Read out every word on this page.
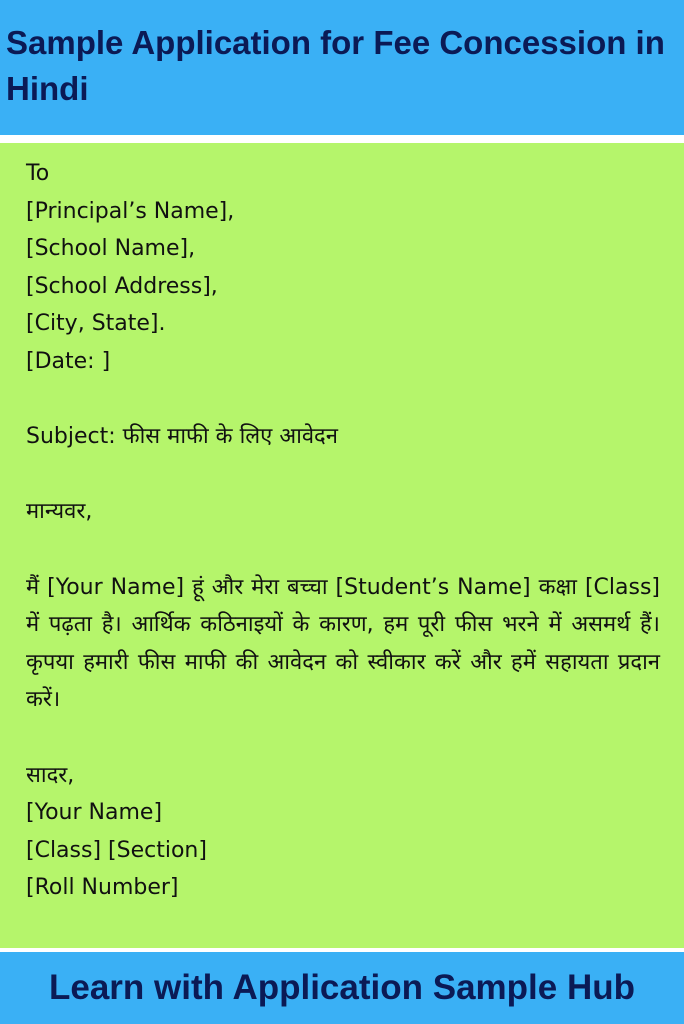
Sample Application for Fee Concession in Hindi
To
[Principal’s Name],
[School Name],
[School Address],
[City, State].
[Date: ]
Subject: फीस माफी के लिए आवेदन
मान्यवर,

मैं [Your Name] हूं और मेरा बच्चा [Student’s Name] कक्षा [Class] में पढ़ता है। आर्थिक कठिनाइयों के कारण, हम पूरी फीस भरने में असमर्थ हैं। कृपया हमारी फीस माफी की आवेदन को स्वीकार करें और हमें सहायता प्रदान करें।

सादर,
[Your Name]
[Class] [Section]
[Roll Number]
Learn with Application Sample Hub
